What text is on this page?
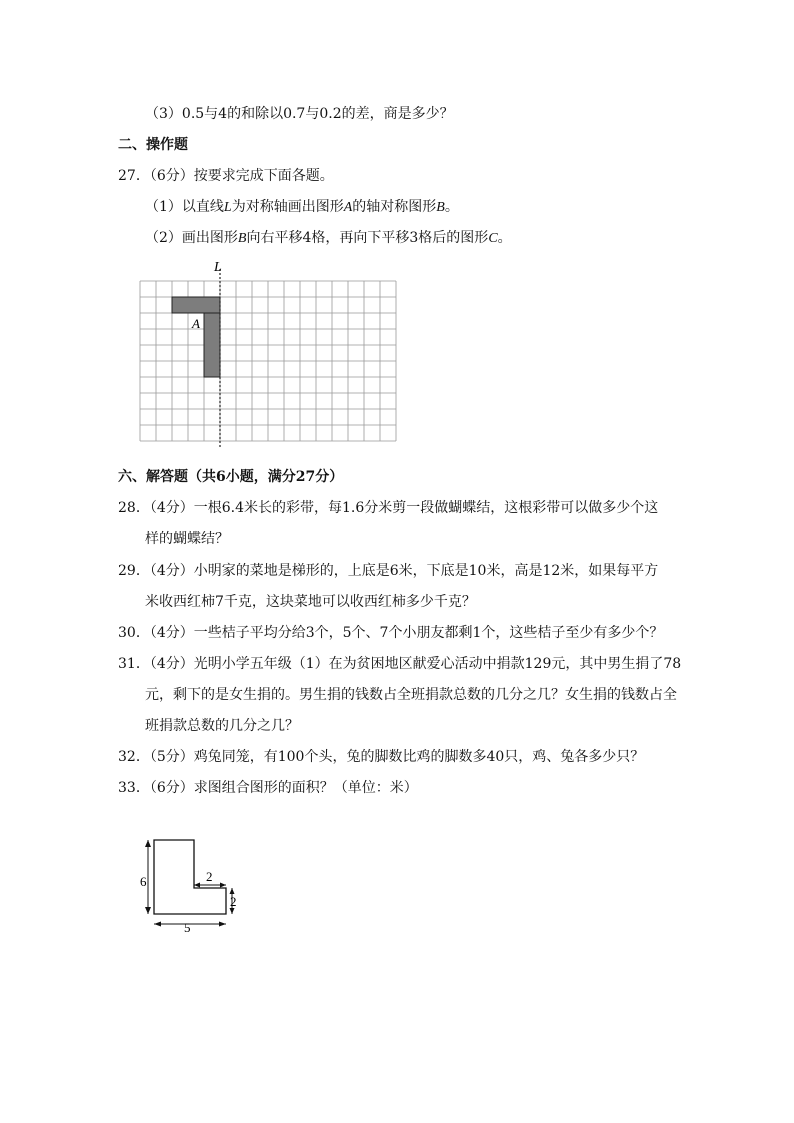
（3）0.5与4的和除以0.7与0.2的差，商是多少？
二、操作题
27．（6分）按要求完成下面各题。
（1）以直线L为对称轴画出图形A的轴对称图形B。
（2）画出图形B向右平移4格，再向下平移3格后的图形C。
L
A
六、解答题（共6小题，满分27分）
28．（4分）一根6.4米长的彩带，每1.6分米剪一段做蝴蝶结，这根彩带可以做多少个这
样的蝴蝶结？
29．（4分）小明家的菜地是梯形的，上底是6米，下底是10米，高是12米，如果每平方
米收西红柿7千克，这块菜地可以收西红柿多少千克？
30．（4分）一些桔子平均分给3个，5个、7个小朋友都剩1个，这些桔子至少有多少个？
31．（4分）光明小学五年级（1）在为贫困地区献爱心活动中捐款129元，其中男生捐了78
元，剩下的是女生捐的。男生捐的钱数占全班捐款总数的几分之几？女生捐的钱数占全
班捐款总数的几分之几？
32．（5分）鸡兔同笼，有100个头，兔的脚数比鸡的脚数多40只，鸡、兔各多少只？
33．（6分）求图组合图形的面积？（单位：米）
6	2
2
5
